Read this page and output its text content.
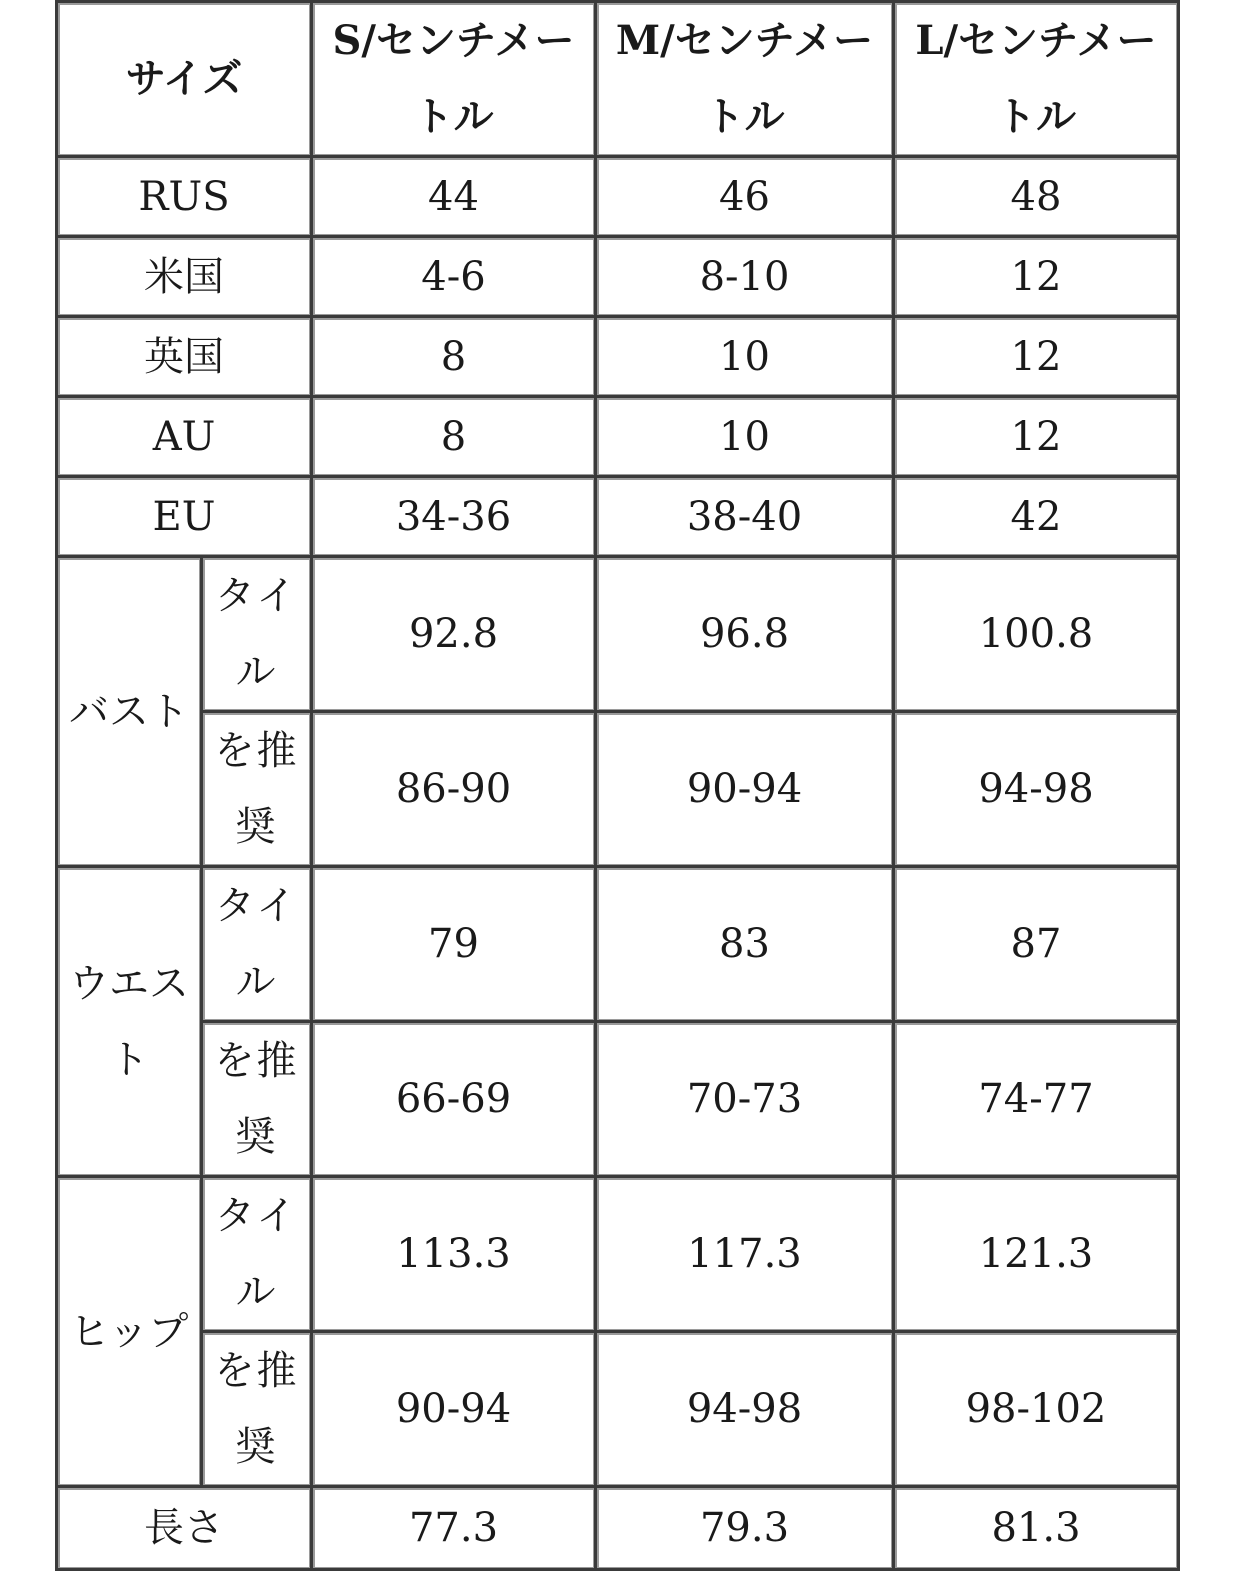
サイズ		S/センチメートル	M/センチメートル	L/センチメートル

RUS		44	46	48
米国		4-6	8-10	12
英国		8	10	12
AU		8	10	12
EU		34-36	38-40	42
バスト	タイル	92.8	96.8	100.8
	を推奨	86-90	90-94	94-98
ウエスト	タイル	79	83	87
	を推奨	66-69	70-73	74-77
ヒップ	タイル	113.3	117.3	121.3
	を推奨	90-94	94-98	98-102
長さ		77.3	79.3	81.3
